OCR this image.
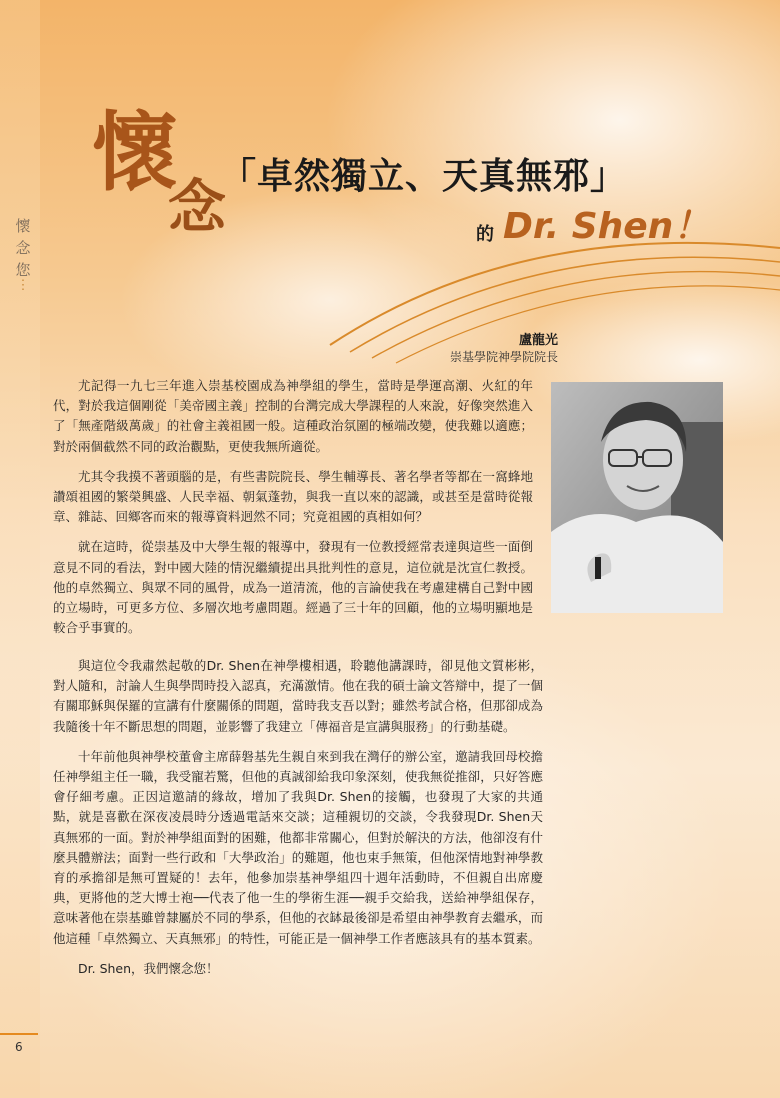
懷
念
您
⋮
懷
念
「卓然獨立、天真無邪」
的 Dr. Shen！
盧龍光
崇基學院神學院院長

尤記得一九七三年進入崇基校園成為神學組的學生，當時是學運高潮、火紅的年代，對於我這個剛從「美帝國主義」控制的台灣完成大學課程的人來說，好像突然進入了「無產階級萬歲」的社會主義祖國一般。這種政治氛圍的極端改變，使我難以適應；對於兩個截然不同的政治觀點，更使我無所適從。

尤其令我摸不著頭腦的是，有些書院院長、學生輔導長、著名學者等都在一窩蜂地讚頌祖國的繁榮興盛、人民幸福、朝氣蓬勃，與我一直以來的認識，或甚至是當時從報章、雜誌、回鄉客而來的報導資料迥然不同；究竟祖國的真相如何？

就在這時，從崇基及中大學生報的報導中，發現有一位教授經常表達與這些一面倒意見不同的看法，對中國大陸的情況繼續提出具批判性的意見，這位就是沈宣仁教授。他的卓然獨立、與眾不同的風骨，成為一道清流，他的言論使我在考慮建構自己對中國的立場時，可更多方位、多層次地考慮問題。經過了三十年的回顧，他的立場明顯地是較合乎事實的。

與這位令我肅然起敬的Dr. Shen在神學樓相遇，聆聽他講課時，卻見他文質彬彬，對人隨和，討論人生與學問時投入認真，充滿激情。他在我的碩士論文答辯中，提了一個有關耶穌與保羅的宣講有什麼關係的問題，當時我支吾以對；雖然考試合格，但那卻成為我隨後十年不斷思想的問題，並影響了我建立「傳福音是宣講與服務」的行動基礎。

十年前他與神學校董會主席薛磐基先生親自來到我在灣仔的辦公室，邀請我回母校擔任神學組主任一職，我受寵若驚，但他的真誠卻給我印象深刻，使我無從推卻，只好答應會仔細考慮。正因這邀請的緣故，增加了我與Dr. Shen的接觸，也發現了大家的共通點，就是喜歡在深夜凌晨時分透過電話來交談；這種親切的交談，令我發現Dr. Shen天真無邪的一面。對於神學組面對的困難，他都非常關心，但對於解決的方法，他卻沒有什麼具體辦法；面對一些行政和「大學政治」的難題，他也束手無策，但他深情地對神學教育的承擔卻是無可置疑的！去年，他參加崇基神學組四十週年活動時，不但親自出席慶典，更將他的芝大博士袍──代表了他一生的學術生涯──親手交給我，送給神學組保存，意味著他在崇基雖曾隸屬於不同的學系，但他的衣缽最後卻是希望由神學教育去繼承，而他這種「卓然獨立、天真無邪」的特性，可能正是一個神學工作者應該具有的基本質素。

Dr. Shen，我們懷念您！

6
